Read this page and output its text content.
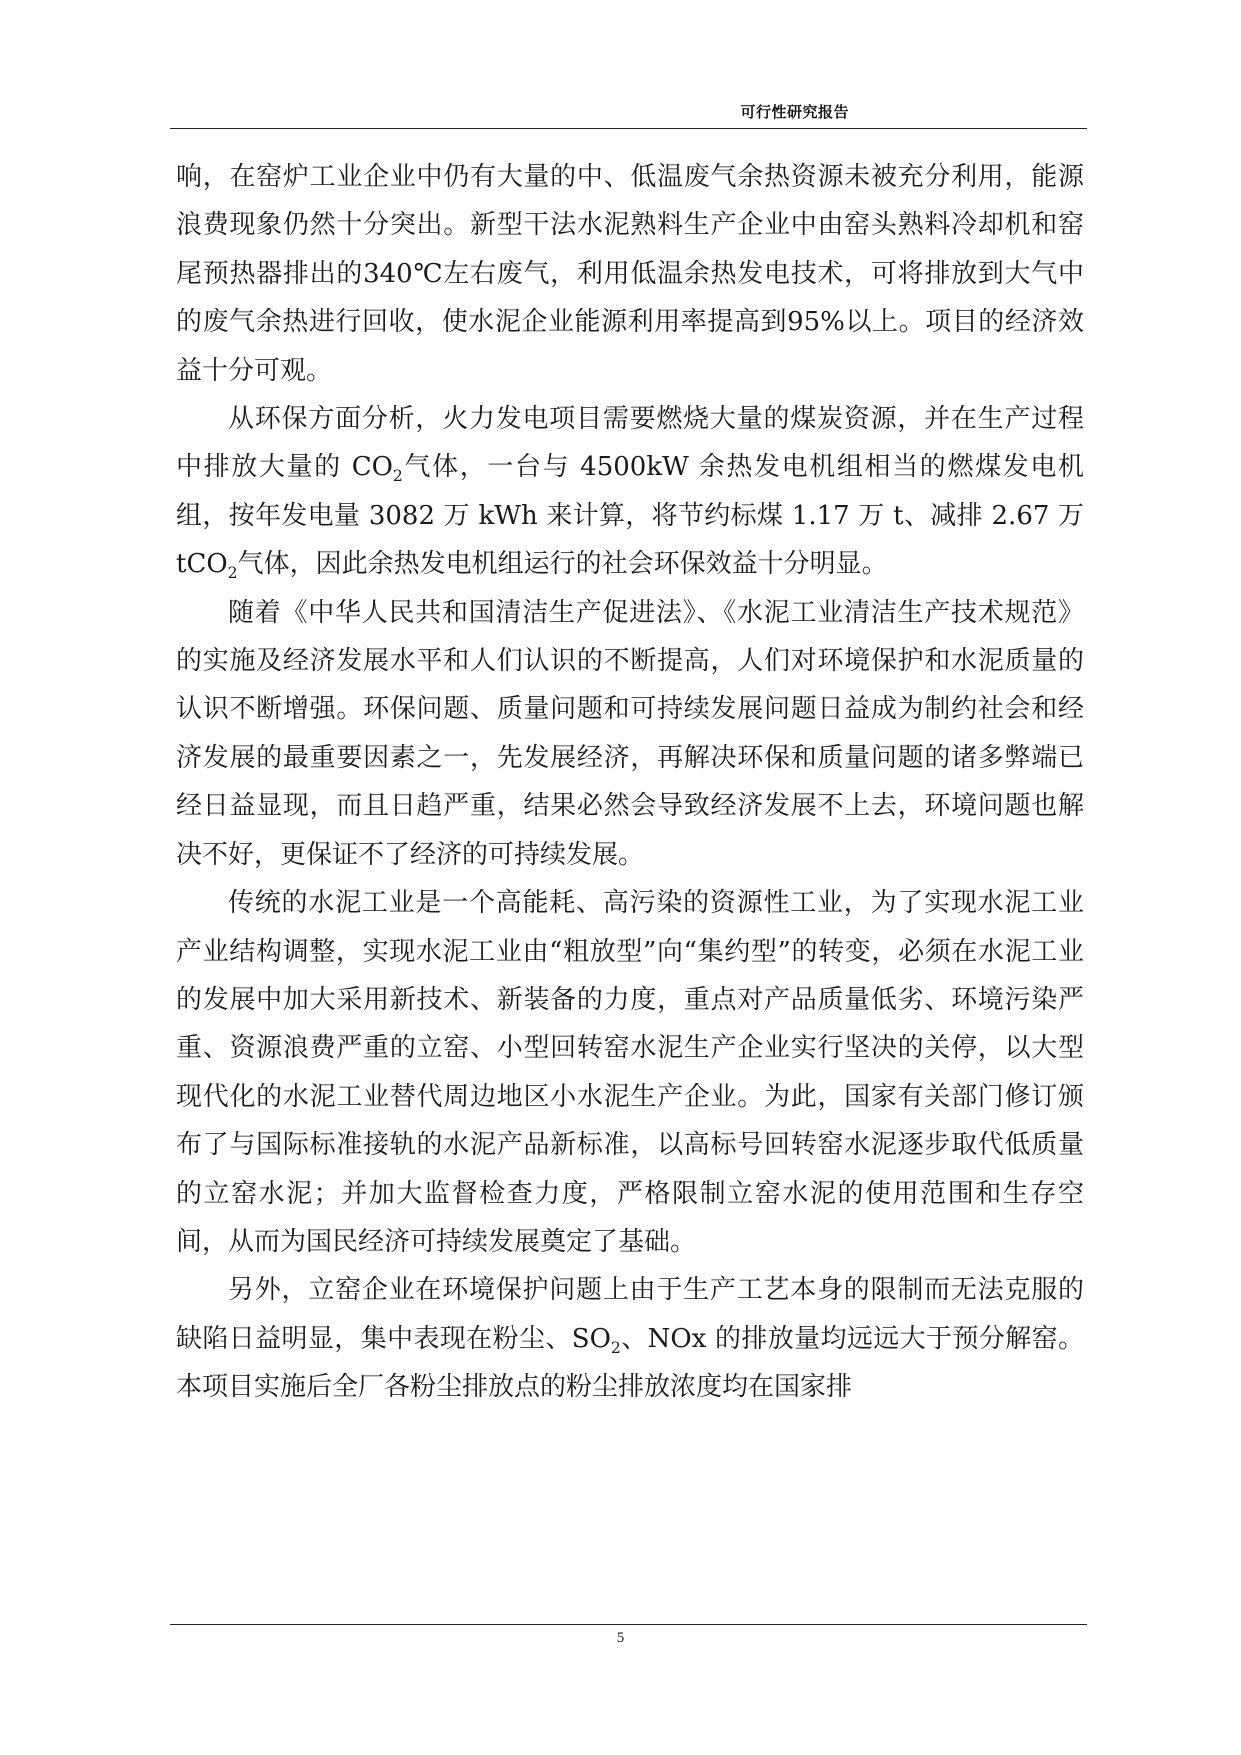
可行性研究报告

响，在窑炉工业企业中仍有大量的中、低温废气余热资源未被充分利用，能源浪费现象仍然十分突出。新型干法水泥熟料生产企业中由窑头熟料冷却机和窑尾预热器排出的340℃左右废气，利用低温余热发电技术，可将排放到大气中的废气余热进行回收，使水泥企业能源利用率提高到95%以上。项目的经济效益十分可观。

从环保方面分析，火力发电项目需要燃烧大量的煤炭资源，并在生产过程中排放大量的 $CO_2$气体，一台与 4500kW 余热发电机组相当的燃煤发电机组，按年发电量 3082 万 kWh 来计算，将节约标煤 1.17 万 t、减排 2.67 万 tCO$_2$气体，因此余热发电机组运行的社会环保效益十分明显。

随着《中华人民共和国清洁生产促进法》、《水泥工业清洁生产技术规范》的实施及经济发展水平和人们认识的不断提高，人们对环境保护和水泥质量的认识不断增强。环保问题、质量问题和可持续发展问题日益成为制约社会和经济发展的最重要因素之一，先发展经济，再解决环保和质量问题的诸多弊端已经日益显现，而且日趋严重，结果必然会导致经济发展不上去，环境问题也解决不好，更保证不了经济的可持续发展。

传统的水泥工业是一个高能耗、高污染的资源性工业，为了实现水泥工业产业结构调整，实现水泥工业由“粗放型”向“集约型”的转变，必须在水泥工业的发展中加大采用新技术、新装备的力度，重点对产品质量低劣、环境污染严重、资源浪费严重的立窑、小型回转窑水泥生产企业实行坚决的关停，以大型现代化的水泥工业替代周边地区小水泥生产企业。为此，国家有关部门修订颁布了与国际标准接轨的水泥产品新标准，以高标号回转窑水泥逐步取代低质量的立窑水泥；并加大监督检查力度，严格限制立窑水泥的使用范围和生存空间，从而为国民经济可持续发展奠定了基础。

另外，立窑企业在环境保护问题上由于生产工艺本身的限制而无法克服的缺陷日益明显，集中表现在粉尘、$SO_2$、NOx 的排放量均远远大于预分解窑。本项目实施后全厂各粉尘排放点的粉尘排放浓度均在国家排

5
